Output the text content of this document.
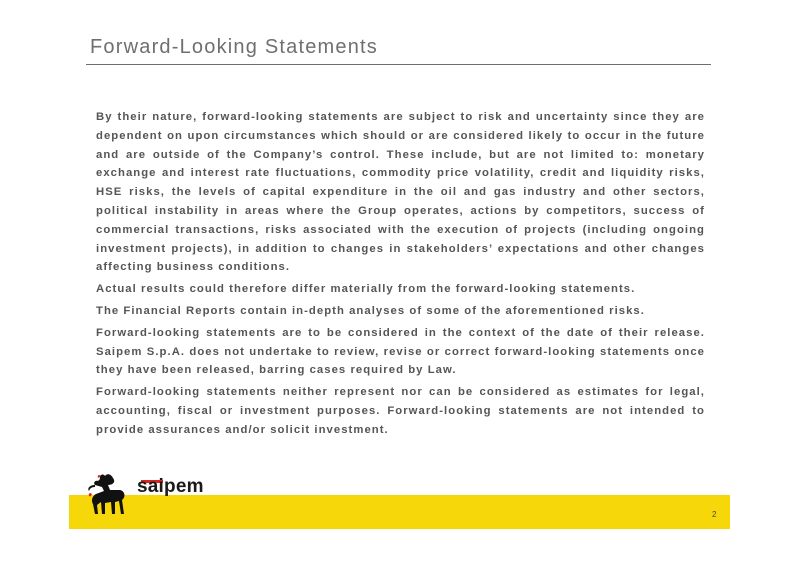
Forward-Looking Statements

By their nature, forward-looking statements are subject to risk and uncertainty since they are dependent on upon circumstances which should or are considered likely to occur in the future and are outside of the Company’s control. These include, but are not limited to: monetary exchange and interest rate fluctuations, commodity price volatility, credit and liquidity risks, HSE risks, the levels of capital expenditure in the oil and gas industry and other sectors, political instability in areas where the Group operates, actions by competitors, success of commercial transactions, risks associated with the execution of projects (including ongoing investment projects), in addition to changes in stakeholders’ expectations and other changes affecting business conditions.

Actual results could therefore differ materially from the forward-looking statements.

The Financial Reports contain in-depth analyses of some of the aforementioned risks.

Forward-looking statements are to be considered in the context of the date of their release. Saipem S.p.A. does not undertake to review, revise or correct forward-looking statements once they have been released, barring cases required by Law.

Forward-looking statements neither represent nor can be considered as estimates for legal, accounting, fiscal or investment purposes. Forward-looking statements are not intended to provide assurances and/or solicit investment.

saipem
2
